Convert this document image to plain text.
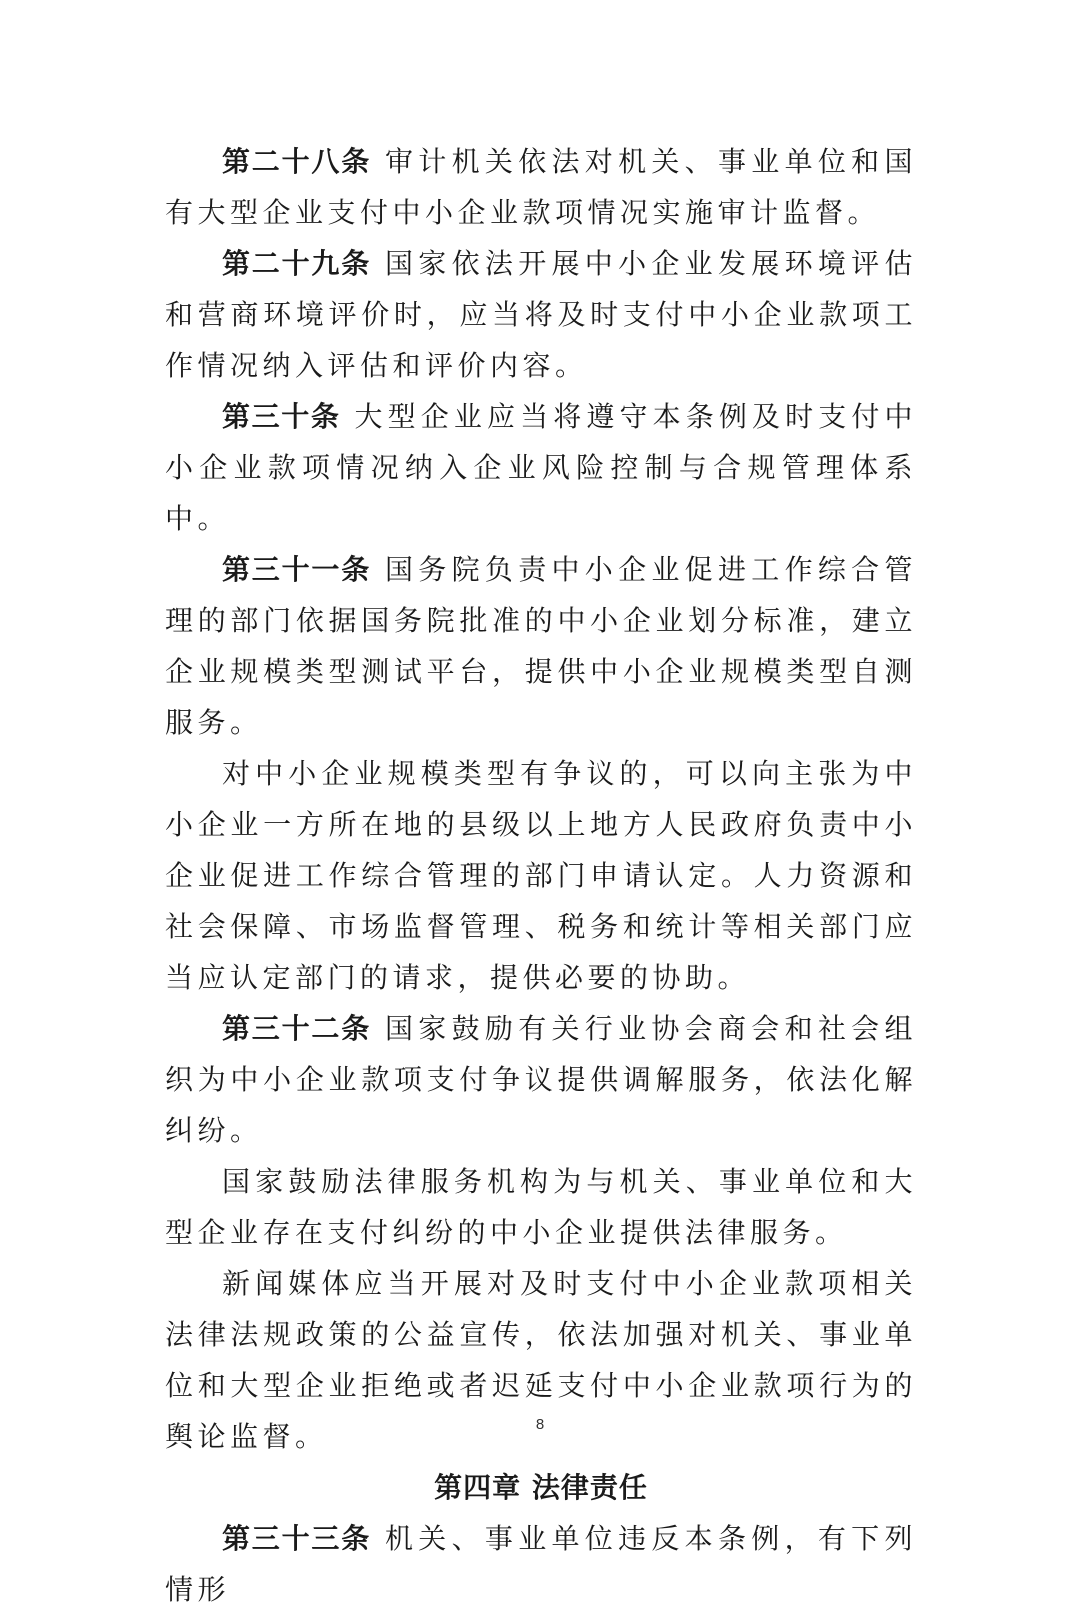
第二十八条 审计机关依法对机关、事业单位和国有大型企业支付中小企业款项情况实施审计监督。

第二十九条 国家依法开展中小企业发展环境评估和营商环境评价时，应当将及时支付中小企业款项工作情况纳入评估和评价内容。

第三十条 大型企业应当将遵守本条例及时支付中小企业款项情况纳入企业风险控制与合规管理体系中。

第三十一条 国务院负责中小企业促进工作综合管理的部门依据国务院批准的中小企业划分标准，建立企业规模类型测试平台，提供中小企业规模类型自测服务。

对中小企业规模类型有争议的，可以向主张为中小企业一方所在地的县级以上地方人民政府负责中小企业促进工作综合管理的部门申请认定。人力资源和社会保障、市场监督管理、税务和统计等相关部门应当应认定部门的请求，提供必要的协助。

第三十二条 国家鼓励有关行业协会商会和社会组织为中小企业款项支付争议提供调解服务，依法化解纠纷。

国家鼓励法律服务机构为与机关、事业单位和大型企业存在支付纠纷的中小企业提供法律服务。

新闻媒体应当开展对及时支付中小企业款项相关法律法规政策的公益宣传，依法加强对机关、事业单位和大型企业拒绝或者迟延支付中小企业款项行为的舆论监督。

第四章 法律责任

第三十三条 机关、事业单位违反本条例，有下列情形

8
